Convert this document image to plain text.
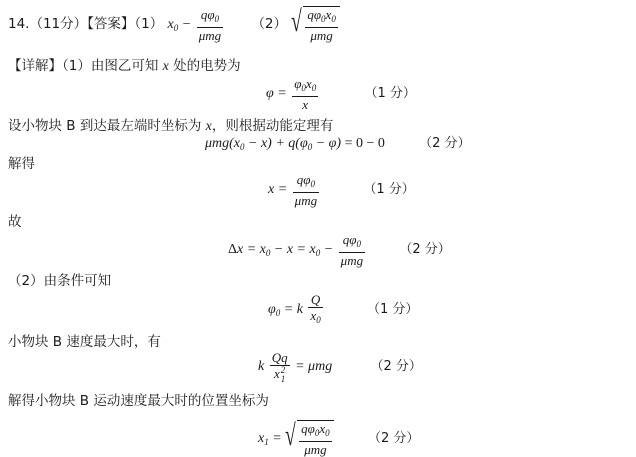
14.（11分）【答案】（1） $x_0 - \frac{q\varphi_0}{\text{μmg}} (2)$ √ $\frac{q\varphi_0x_0}{\text{μmg}}$
【详解】（1）由图乙可知 x 处的电势为
$\varphi = \frac{\varphi_0x_0}{x}$	（1 分）
设小物块 B 到达最左端时坐标为 x，则根据动能定理有
$\mu mg(x_0 - x) + q(\varphi_0 - \varphi) = 0 - 0$	（2 分）
解得
$x = \frac{q\varphi_0}{\text{μmg}}$	（1 分）
故
$\Delta x = x_0 - x = x_0 - \frac{q\varphi_0}{\text{μmg}}$	（2 分）
（2）由条件可知
$\varphi_0 = k \frac{Q}{x_0}$	（1 分）
小物块 B 速度最大时，有
k Qq
x 2
1 = μmg	（2 分）
解得小物块 B 运动速度最大时的位置坐标为
$x_1$ = √ $\frac{q\varphi_0x_0}{\text{μmg}}$	（2 分）
